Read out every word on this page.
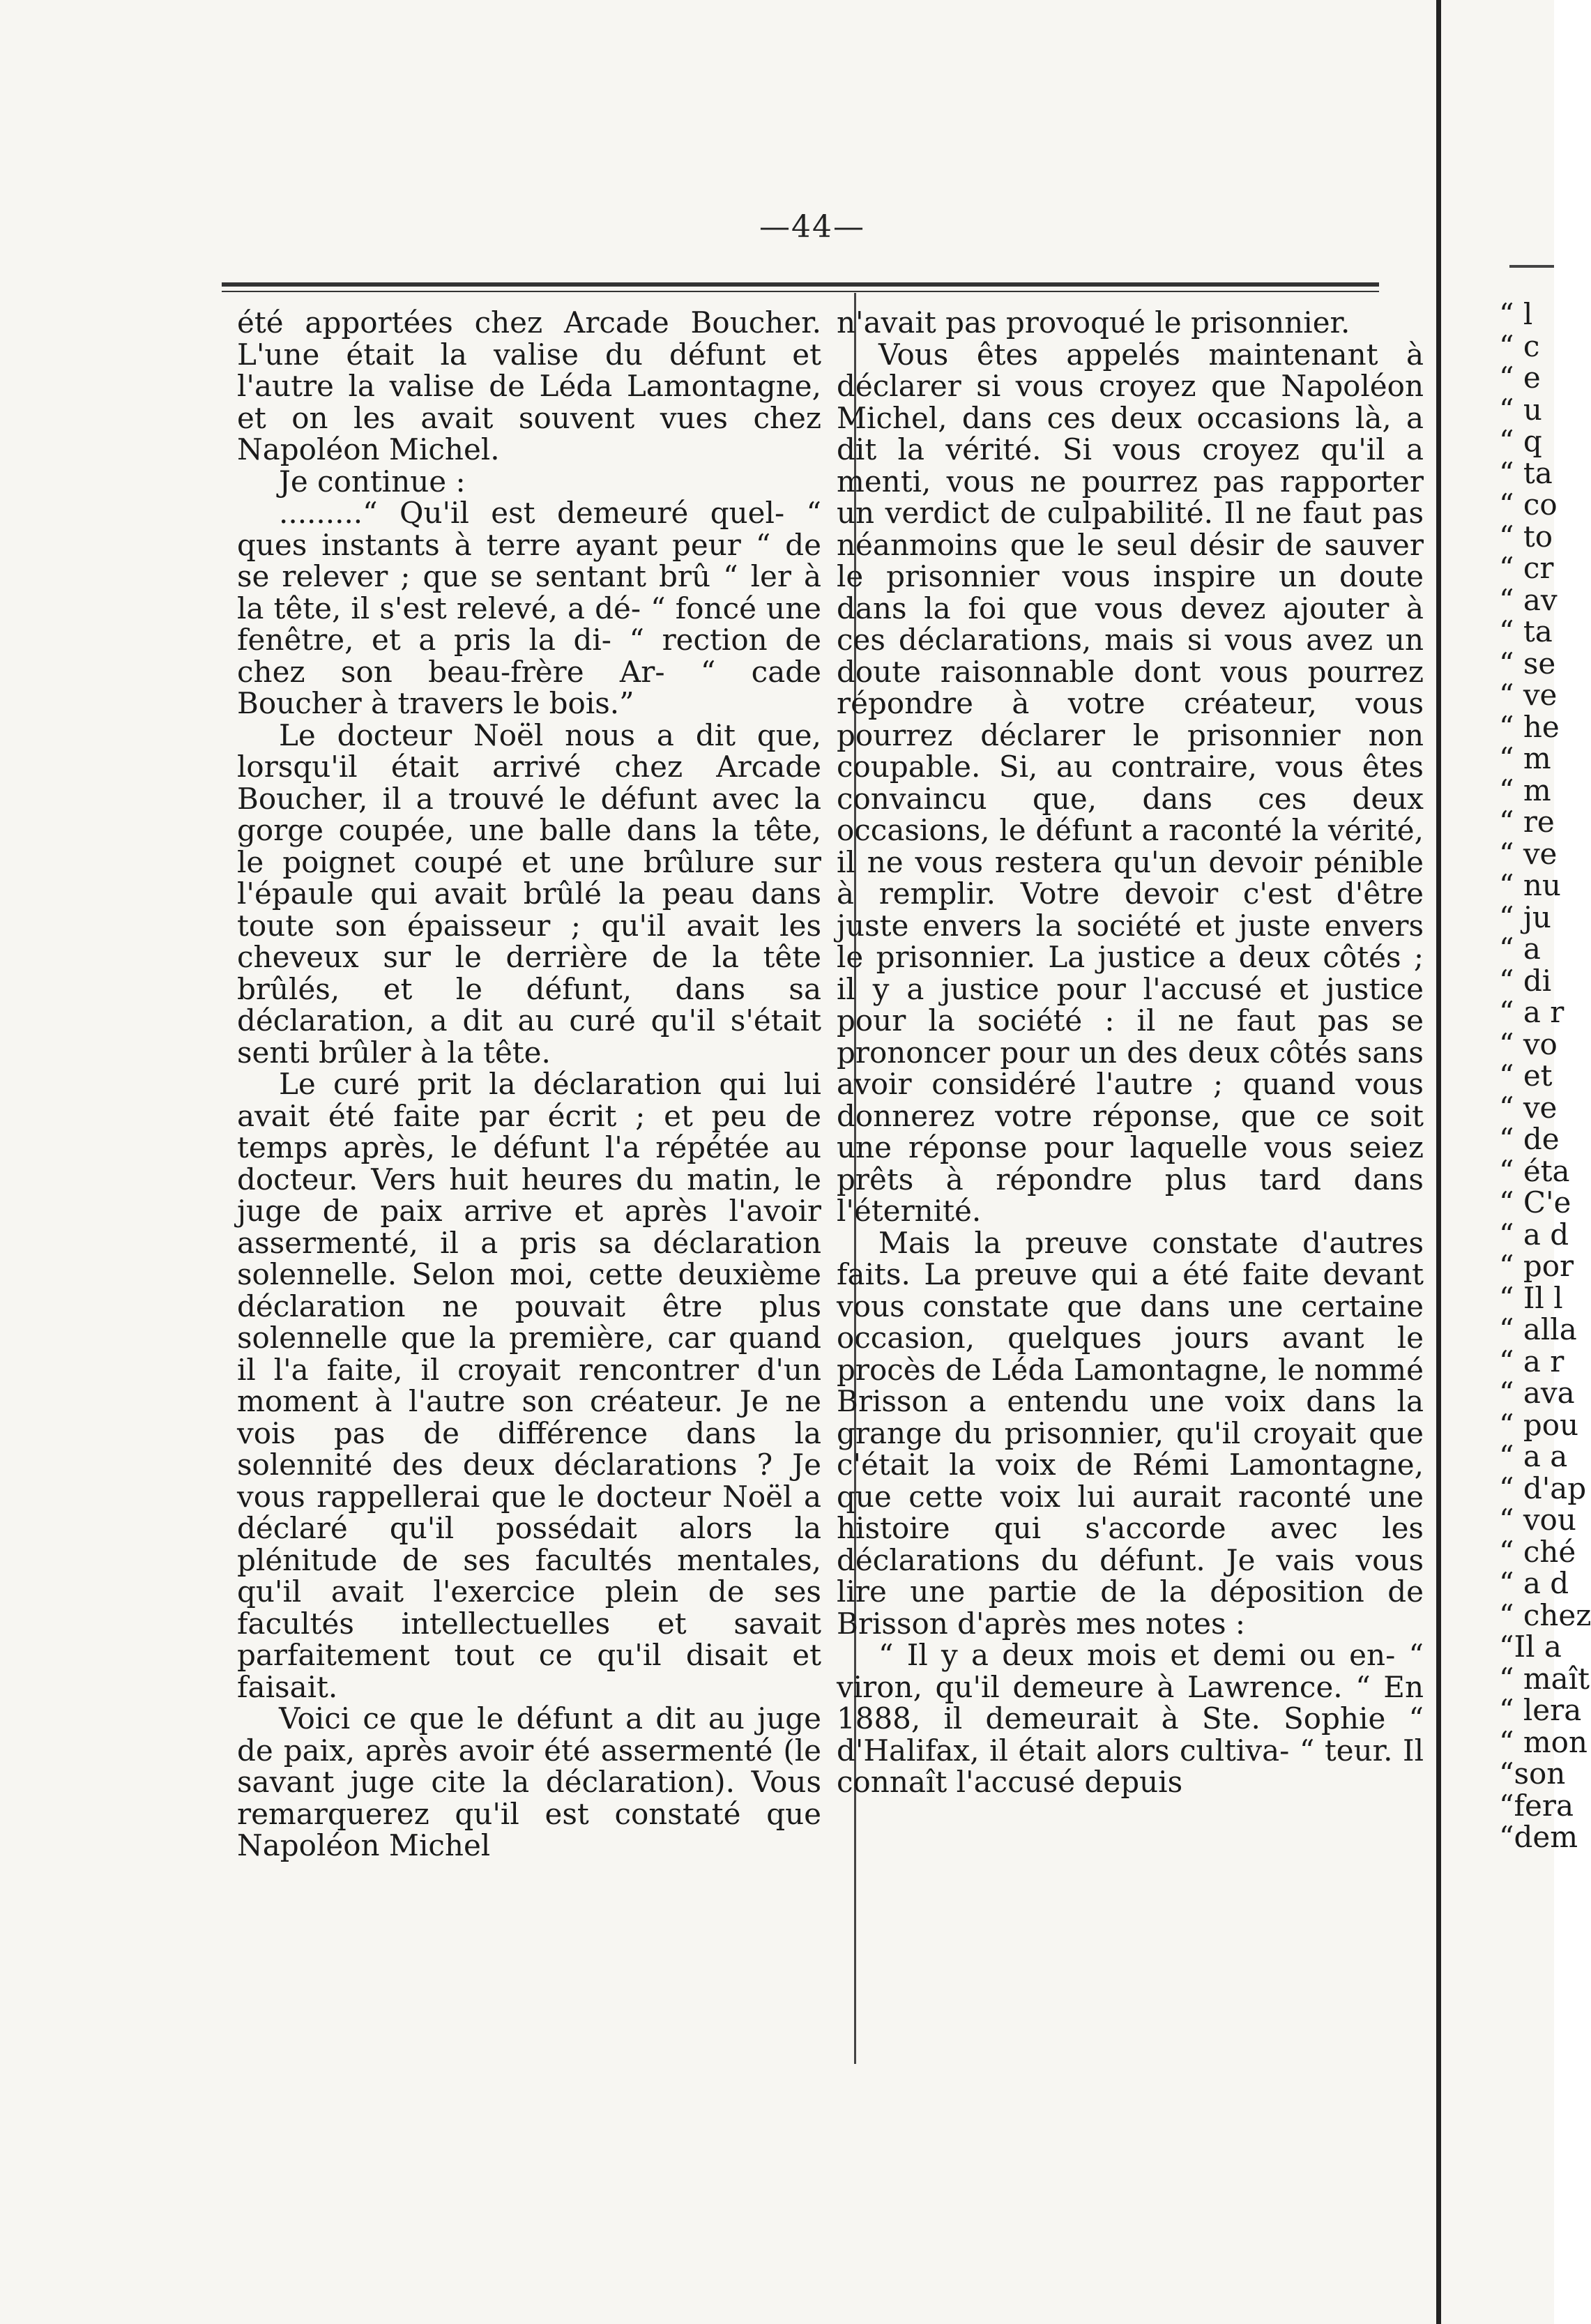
—44—

été apportées chez Arcade Boucher. L'une était la valise du défunt et l'autre la valise de Léda Lamontagne, et on les avait souvent vues chez Napoléon Michel.

Je continue :

.........“ Qu'il est demeuré quel- “ ques instants à terre ayant peur “ de se relever ; que se sentant brû “ ler à la tête, il s'est relevé, a dé- “ foncé une fenêtre, et a pris la di- “ rection de chez son beau-frère Ar- “ cade Boucher à travers le bois.”

Le docteur Noël nous a dit que, lorsqu'il était arrivé chez Arcade Boucher, il a trouvé le défunt avec la gorge coupée, une balle dans la tête, le poignet coupé et une brûlure sur l'épaule qui avait brûlé la peau dans toute son épaisseur ; qu'il avait les cheveux sur le derrière de la tête brûlés, et le défunt, dans sa déclaration, a dit au curé qu'il s'était senti brûler à la tête.

Le curé prit la déclaration qui lui avait été faite par écrit ; et peu de temps après, le défunt l'a répétée au docteur. Vers huit heures du matin, le juge de paix arrive et après l'avoir assermenté, il a pris sa déclaration solennelle. Selon moi, cette deuxième déclaration ne pouvait être plus solennelle que la première, car quand il l'a faite, il croyait rencontrer d'un moment à l'autre son créateur. Je ne vois pas de différence dans la solennité des deux déclarations ? Je vous rappellerai que le docteur Noël a déclaré qu'il possédait alors la plénitude de ses facultés mentales, qu'il avait l'exercice plein de ses facultés intellectuelles et savait parfaitement tout ce qu'il disait et faisait.

Voici ce que le défunt a dit au juge de paix, après avoir été assermenté (le savant juge cite la déclaration). Vous remarquerez qu'il est constaté que Napoléon Michel

n'avait pas provoqué le prisonnier.

Vous êtes appelés maintenant à déclarer si vous croyez que Napoléon Michel, dans ces deux occasions là, a dit la vérité. Si vous croyez qu'il a menti, vous ne pourrez pas rapporter un verdict de culpabilité. Il ne faut pas néanmoins que le seul désir de sauver le prisonnier vous inspire un doute dans la foi que vous devez ajouter à ces déclarations, mais si vous avez un doute raisonnable dont vous pourrez répondre à votre créateur, vous pourrez déclarer le prisonnier non coupable. Si, au contraire, vous êtes convaincu que, dans ces deux occasions, le défunt a raconté la vérité, il ne vous restera qu'un devoir pénible à remplir. Votre devoir c'est d'être juste envers la société et juste envers le prisonnier. La justice a deux côtés ; il y a justice pour l'accusé et justice pour la société : il ne faut pas se prononcer pour un des deux côtés sans avoir considéré l'autre ; quand vous donnerez votre réponse, que ce soit une réponse pour laquelle vous seiez prêts à répondre plus tard dans l'éternité.

Mais la preuve constate d'autres faits. La preuve qui a été faite devant vous constate que dans une certaine occasion, quelques jours avant le procès de Léda Lamontagne, le nommé Brisson a entendu une voix dans la grange du prisonnier, qu'il croyait que c'était la voix de Rémi Lamontagne, que cette voix lui aurait raconté une histoire qui s'accorde avec les déclarations du défunt. Je vais vous lire une partie de la déposition de Brisson d'après mes notes :

“ Il y a deux mois et demi ou en- “ viron, qu'il demeure à Lawrence. “ En 1888, il demeurait à Ste. Sophie “ d'Halifax, il était alors cultiva- “ teur. Il connaît l'accusé depuis

“ l
“ c
“ e
“ u
“ q
“ ta
“ co
“ to
“ cr
“ av
“ ta
“ se
“ ve
“ he
“ m
“ m
“ re
“ ve
“ nu
“ ju
“ a
“ di
“ a r
“ vo
“ et
“ ve
“ de
“ éta
“ C'e
“ a d
“ por
“ Il l
“ alla
“ a r
“ ava
“ pou
“ a a
“ d'ap
“ vou
“ ché
“ a d
“ chez
“Il a
“ maît
“ lera
“ mon
“son
“fera
“dem
